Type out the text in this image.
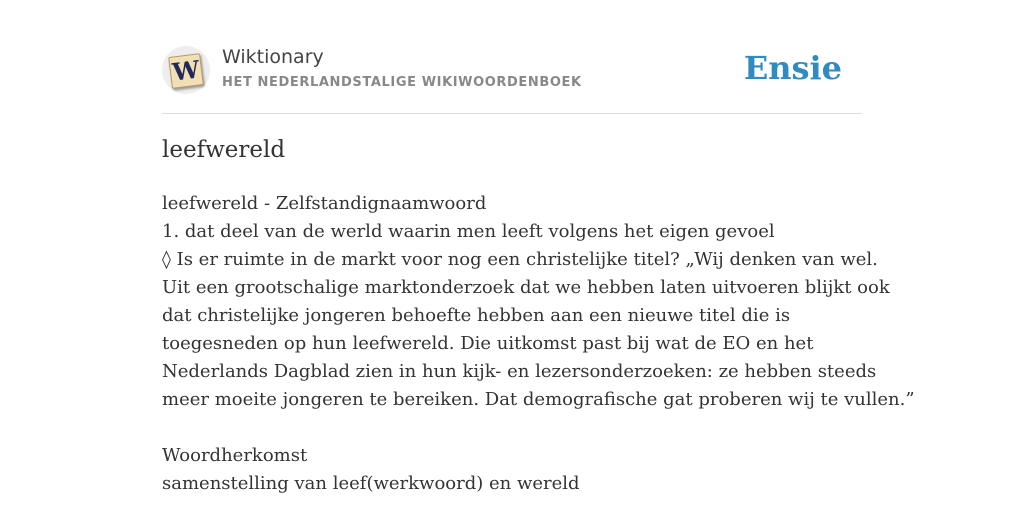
W Wiktionary
HET NEDERLANDSTALIGE WIKIWOORDENBOEK	Ensie
leefwereld
leefwereld - Zelfstandignaamwoord
1. dat deel van de werld waarin men leeft volgens het eigen gevoel
◊ Is er ruimte in de markt voor nog een christelijke titel? „Wij denken van wel.
Uit een grootschalige marktonderzoek dat we hebben laten uitvoeren blijkt ook
dat christelijke jongeren behoefte hebben aan een nieuwe titel die is
toegesneden op hun leefwereld. Die uitkomst past bij wat de EO en het
Nederlands Dagblad zien in hun kijk- en lezersonderzoeken: ze hebben steeds
meer moeite jongeren te bereiken. Dat demografische gat proberen wij te vullen.”
Woordherkomst
samenstelling van leef(werkwoord) en wereld
